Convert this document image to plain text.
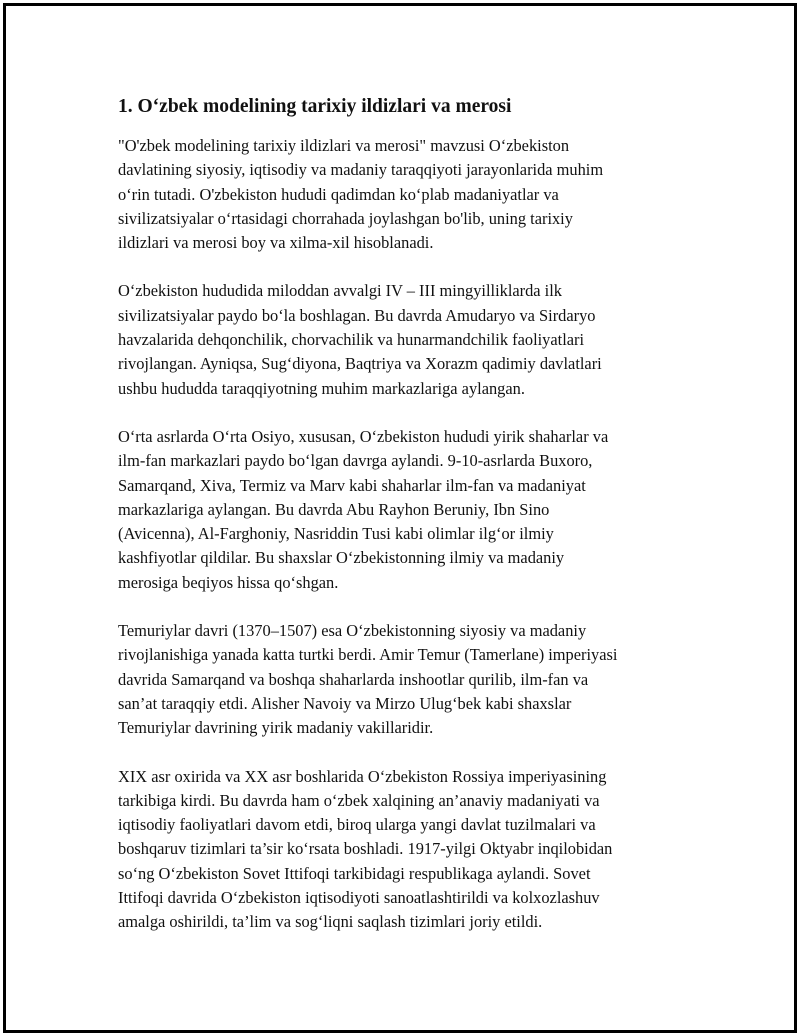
1. O‘zbek modelining tarixiy ildizlari va merosi

"O'zbek modelining tarixiy ildizlari va merosi" mavzusi O‘zbekiston
davlatining siyosiy, iqtisodiy va madaniy taraqqiyoti jarayonlarida muhim
o‘rin tutadi. O'zbekiston hududi qadimdan ko‘plab madaniyatlar va
sivilizatsiyalar o‘rtasidagi chorrahada joylashgan bo'lib, uning tarixiy
ildizlari va merosi boy va xilma-xil hisoblanadi.

O‘zbekiston hududida miloddan avvalgi IV – III mingyilliklarda ilk
sivilizatsiyalar paydo bo‘la boshlagan. Bu davrda Amudaryo va Sirdaryo
havzalarida dehqonchilik, chorvachilik va hunarmandchilik faoliyatlari
rivojlangan. Ayniqsa, Sug‘diyona, Baqtriya va Xorazm qadimiy davlatlari
ushbu hududda taraqqiyotning muhim markazlariga aylangan.

O‘rta asrlarda O‘rta Osiyo, xususan, O‘zbekiston hududi yirik shaharlar va
ilm-fan markazlari paydo bo‘lgan davrga aylandi. 9-10-asrlarda Buxoro,
Samarqand, Xiva, Termiz va Marv kabi shaharlar ilm-fan va madaniyat
markazlariga aylangan. Bu davrda Abu Rayhon Beruniy, Ibn Sino
(Avicenna), Al-Farghoniy, Nasriddin Tusi kabi olimlar ilg‘or ilmiy
kashfiyotlar qildilar. Bu shaxslar O‘zbekistonning ilmiy va madaniy
merosiga beqiyos hissa qo‘shgan.

Temuriylar davri (1370–1507) esa O‘zbekistonning siyosiy va madaniy
rivojlanishiga yanada katta turtki berdi. Amir Temur (Tamerlane) imperiyasi
davrida Samarqand va boshqa shaharlarda inshootlar qurilib, ilm-fan va
san’at taraqqiy etdi. Alisher Navoiy va Mirzo Ulug‘bek kabi shaxslar
Temuriylar davrining yirik madaniy vakillaridir.

XIX asr oxirida va XX asr boshlarida O‘zbekiston Rossiya imperiyasining
tarkibiga kirdi. Bu davrda ham o‘zbek xalqining an’anaviy madaniyati va
iqtisodiy faoliyatlari davom etdi, biroq ularga yangi davlat tuzilmalari va
boshqaruv tizimlari ta’sir ko‘rsata boshladi. 1917-yilgi Oktyabr inqilobidan
so‘ng O‘zbekiston Sovet Ittifoqi tarkibidagi respublikaga aylandi. Sovet
Ittifoqi davrida O‘zbekiston iqtisodiyoti sanoatlashtirildi va kolxozlashuv
amalga oshirildi, ta’lim va sog‘liqni saqlash tizimlari joriy etildi.
